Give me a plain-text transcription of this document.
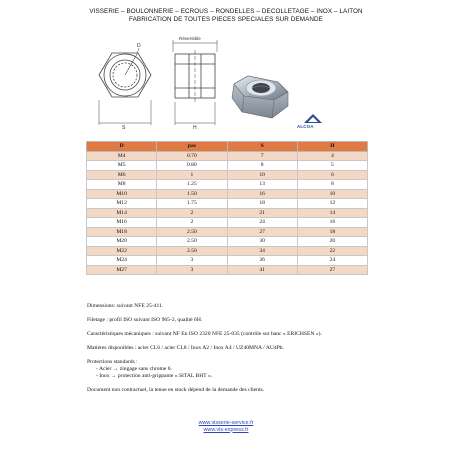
VISSERIE – BOULONNERIE – ECROUS – RONDELLES – DECOLLETAGE – INOX – LAITON
FABRICATION DE TOUTES PIECES SPECIALES SUR DEMANDE
D
S
Réversible
H	ALCOA
D	pas	S	H
M4	0.70	7	4
M5	0.80	8	5
M6	1	10	6
M8	1.25	13	8
M10	1.50	16	10
M12	1.75	18	12
M14	2	21	14
M16	2	24	16
M18	2.50	27	18
M20	2.50	30	20
M22	2.50	34	22
M24	3	36	24
M27	3	41	27

Dimensions: suivant NFE 25-411.

Filetage : profil ISO suivant ISO 965-2, qualité 6H.

Caractéristiques mécaniques : suivant NF En ISO 2320 NFE 25-035 (contrôle sur banc « ERICHSEN »).

Matières disponibles : acier CL6 / acier CL8 / Inox A2 / Inox A4 / UZ40MNA / AU4Pb.

Protections standards :
- Acier → zingage sans chrome 6.
- Inox → protection anti-grippante « SITAL BHT ».

Document non contractuel, la tenue en stock dépend de la demande des clients.

www.visserie-service.fr
www.vis-express.fr
